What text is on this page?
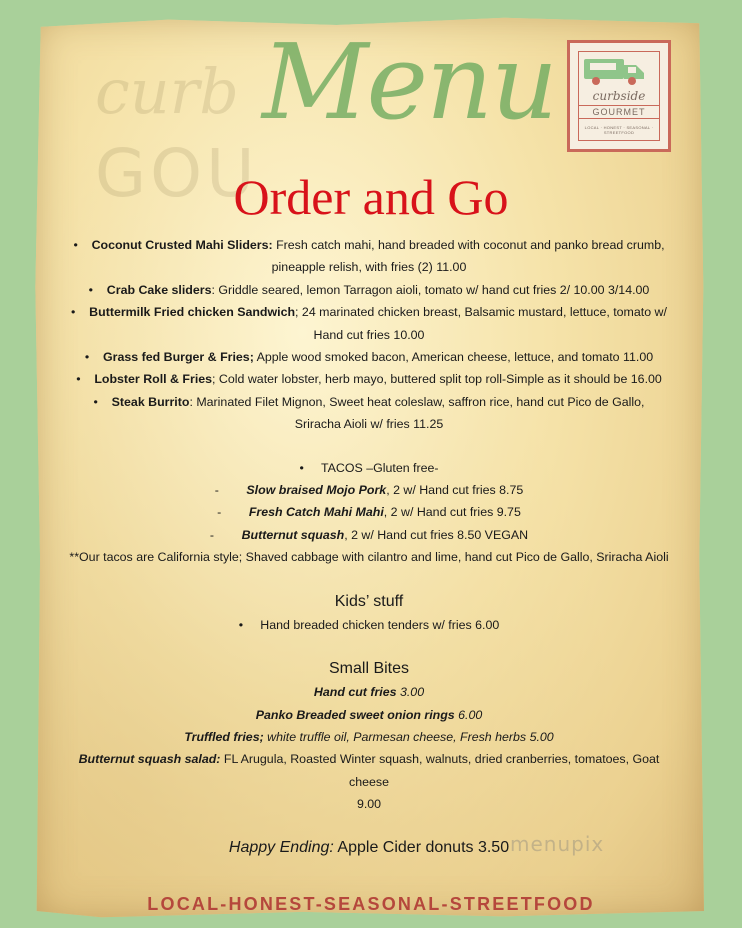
curb
GOU
Menu	curbside
GOURMET
LOCAL · HONEST · SEASONAL · STREETFOOD
Order and Go

• Coconut Crusted Mahi Sliders: Fresh catch mahi, hand breaded with coconut and panko bread crumb,

pineapple relish, with fries (2) 11.00

• Crab Cake sliders: Griddle seared, lemon Tarragon aioli, tomato w/ hand cut fries 2/ 10.00 3/14.00

• Buttermilk Fried chicken Sandwich; 24 marinated chicken breast, Balsamic mustard, lettuce, tomato w/

Hand cut fries 10.00

• Grass fed Burger & Fries; Apple wood smoked bacon, American cheese, lettuce, and tomato 11.00

• Lobster Roll & Fries; Cold water lobster, herb mayo, buttered split top roll-Simple as it should be 16.00

• Steak Burrito: Marinated Filet Mignon, Sweet heat coleslaw, saffron rice, hand cut Pico de Gallo,

Sriracha Aioli w/ fries 11.25

• TACOS –Gluten free-

- Slow braised Mojo Pork, 2 w/ Hand cut fries 8.75

- Fresh Catch Mahi Mahi, 2 w/ Hand cut fries 9.75

- Butternut squash, 2 w/ Hand cut fries 8.50 VEGAN

**Our tacos are California style; Shaved cabbage with cilantro and lime, hand cut Pico de Gallo, Sriracha Aioli

Kids’ stuff

• Hand breaded chicken tenders w/ fries 6.00

Small Bites

Hand cut fries 3.00

Panko Breaded sweet onion rings 6.00

Truffled fries; white truffle oil, Parmesan cheese, Fresh herbs 5.00

Butternut squash salad: FL Arugula, Roasted Winter squash, walnuts, dried cranberries, tomatoes, Goat cheese

9.00

Happy Ending: Apple Cider donuts 3.50 menupix
LOCAL-HONEST-SEASONAL-STREETFOOD
